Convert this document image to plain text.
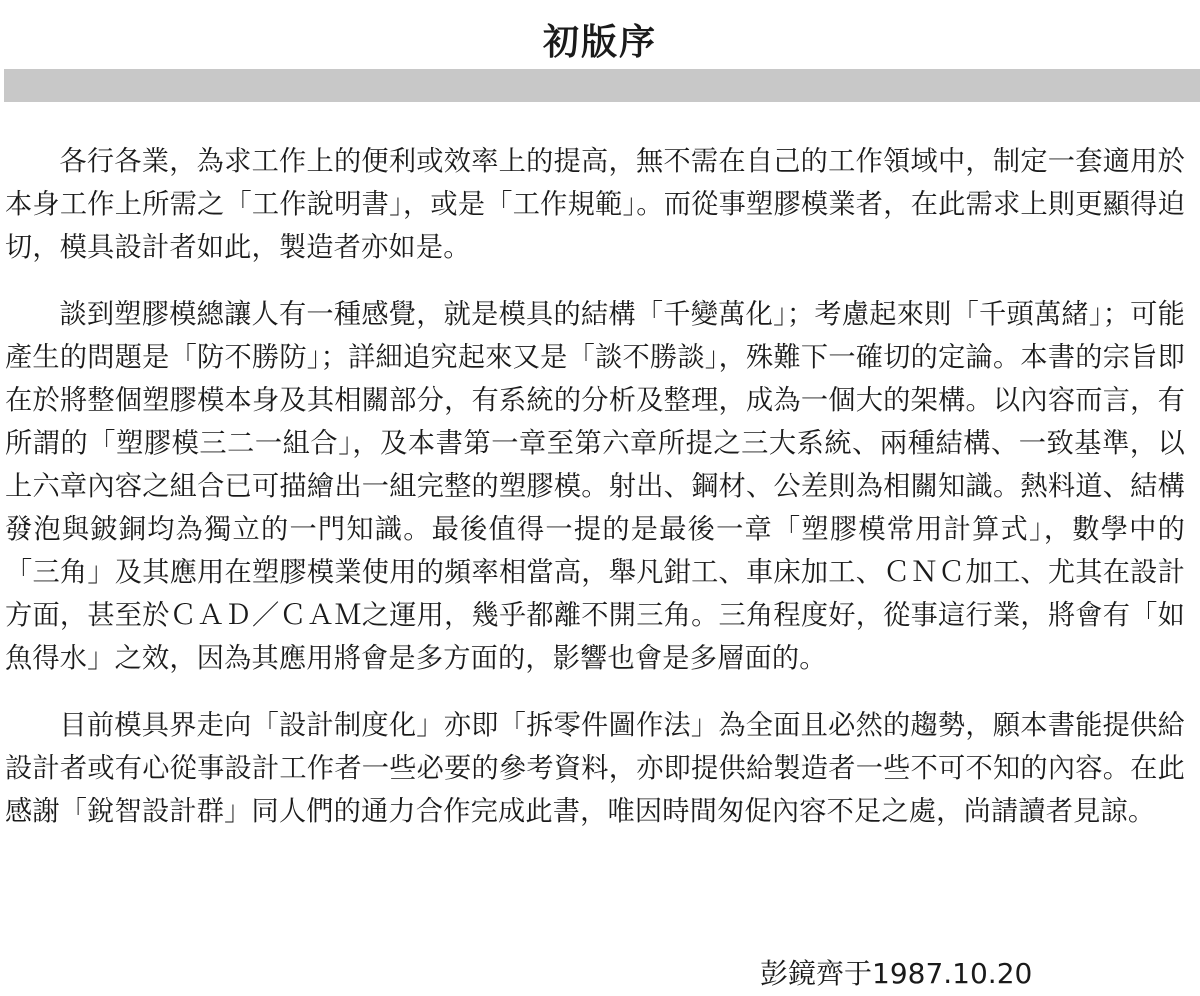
初版序

各行各業，為求工作上的便利或效率上的提高，無不需在自己的工作領域中，制定一套適用於本身工作上所需之「工作說明書」，或是「工作規範」。而從事塑膠模業者，在此需求上則更顯得迫切，模具設計者如此，製造者亦如是。

談到塑膠模總讓人有一種感覺，就是模具的結構「千變萬化」；考慮起來則「千頭萬緒」；可能產生的問題是「防不勝防」；詳細追究起來又是「談不勝談」，殊難下一確切的定論。本書的宗旨即在於將整個塑膠模本身及其相關部分，有系統的分析及整理，成為一個大的架構。以內容而言，有所謂的「塑膠模三二一組合」，及本書第一章至第六章所提之三大系統、兩種結構、一致基準，以上六章內容之組合已可描繪出一組完整的塑膠模。射出、鋼材、公差則為相關知識。熱料道、結構發泡與鈹銅均為獨立的一門知識。最後值得一提的是最後一章「塑膠模常用計算式」，數學中的「三角」及其應用在塑膠模業使用的頻率相當高，舉凡鉗工、車床加工、ＣＮＣ加工、尤其在設計方面，甚至於ＣＡＤ／ＣＡＭ之運用，幾乎都離不開三角。三角程度好，從事這行業，將會有「如魚得水」之效，因為其應用將會是多方面的，影響也會是多層面的。

目前模具界走向「設計制度化」亦即「拆零件圖作法」為全面且必然的趨勢，願本書能提供給設計者或有心從事設計工作者一些必要的參考資料，亦即提供給製造者一些不可不知的內容。在此感謝「銳智設計群」同人們的通力合作完成此書，唯因時間匆促內容不足之處，尚請讀者見諒。

彭鏡齊于1987.10.20
